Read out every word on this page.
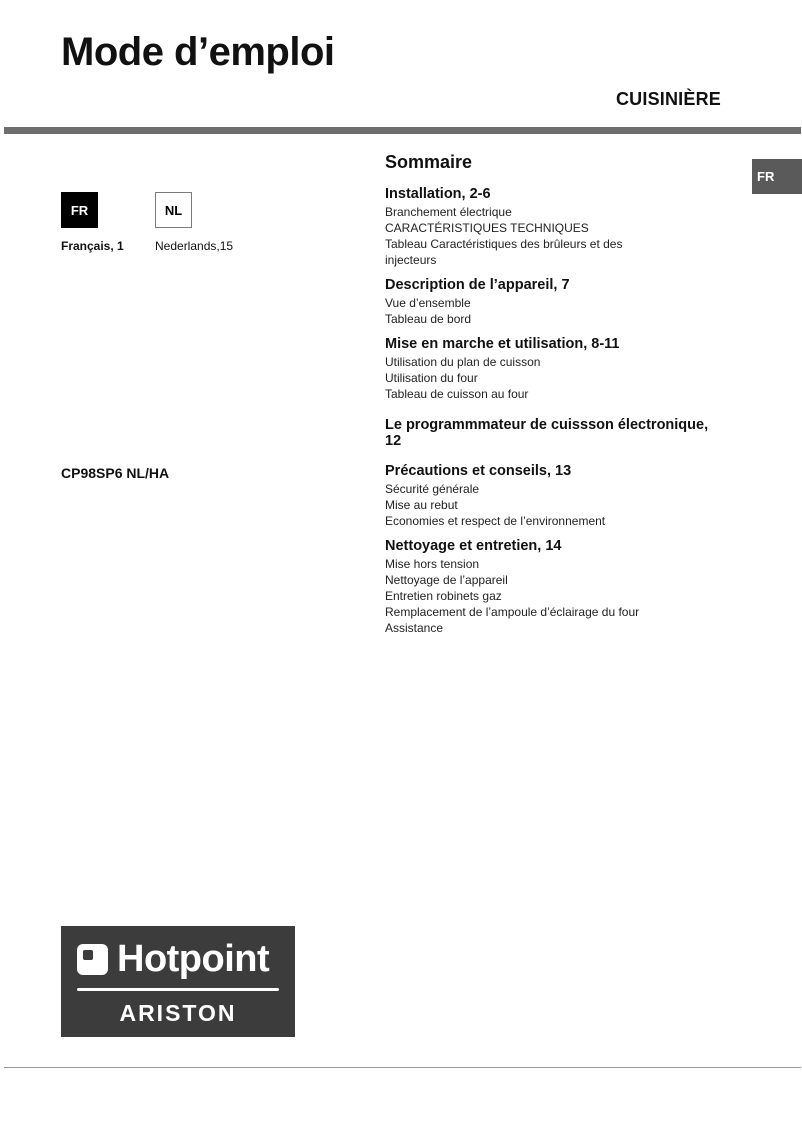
Mode d’emploi
CUISINIÈRE
FR
FR	NL
Français, 1	Nederlands,15
CP98SP6 NL/HA
Sommaire
Installation, 2-6
Branchement électrique
CARACTÉRISTIQUES TECHNIQUES
Tableau Caractéristiques des brûleurs et des
injecteurs
Description de l’appareil, 7
Vue d’ensemble
Tableau de bord
Mise en marche et utilisation, 8-11
Utilisation du plan de cuisson
Utilisation du four
Tableau de cuisson au four
Le programmmateur de cuissson électronique, 12
Précautions et conseils, 13
Sécurité générale
Mise au rebut
Economies et respect de l’environnement
Nettoyage et entretien, 14
Mise hors tension
Nettoyage de l’appareil
Entretien robinets gaz
Remplacement de l’ampoule d’éclairage du four
Assistance
Hotpoint
ARISTON
